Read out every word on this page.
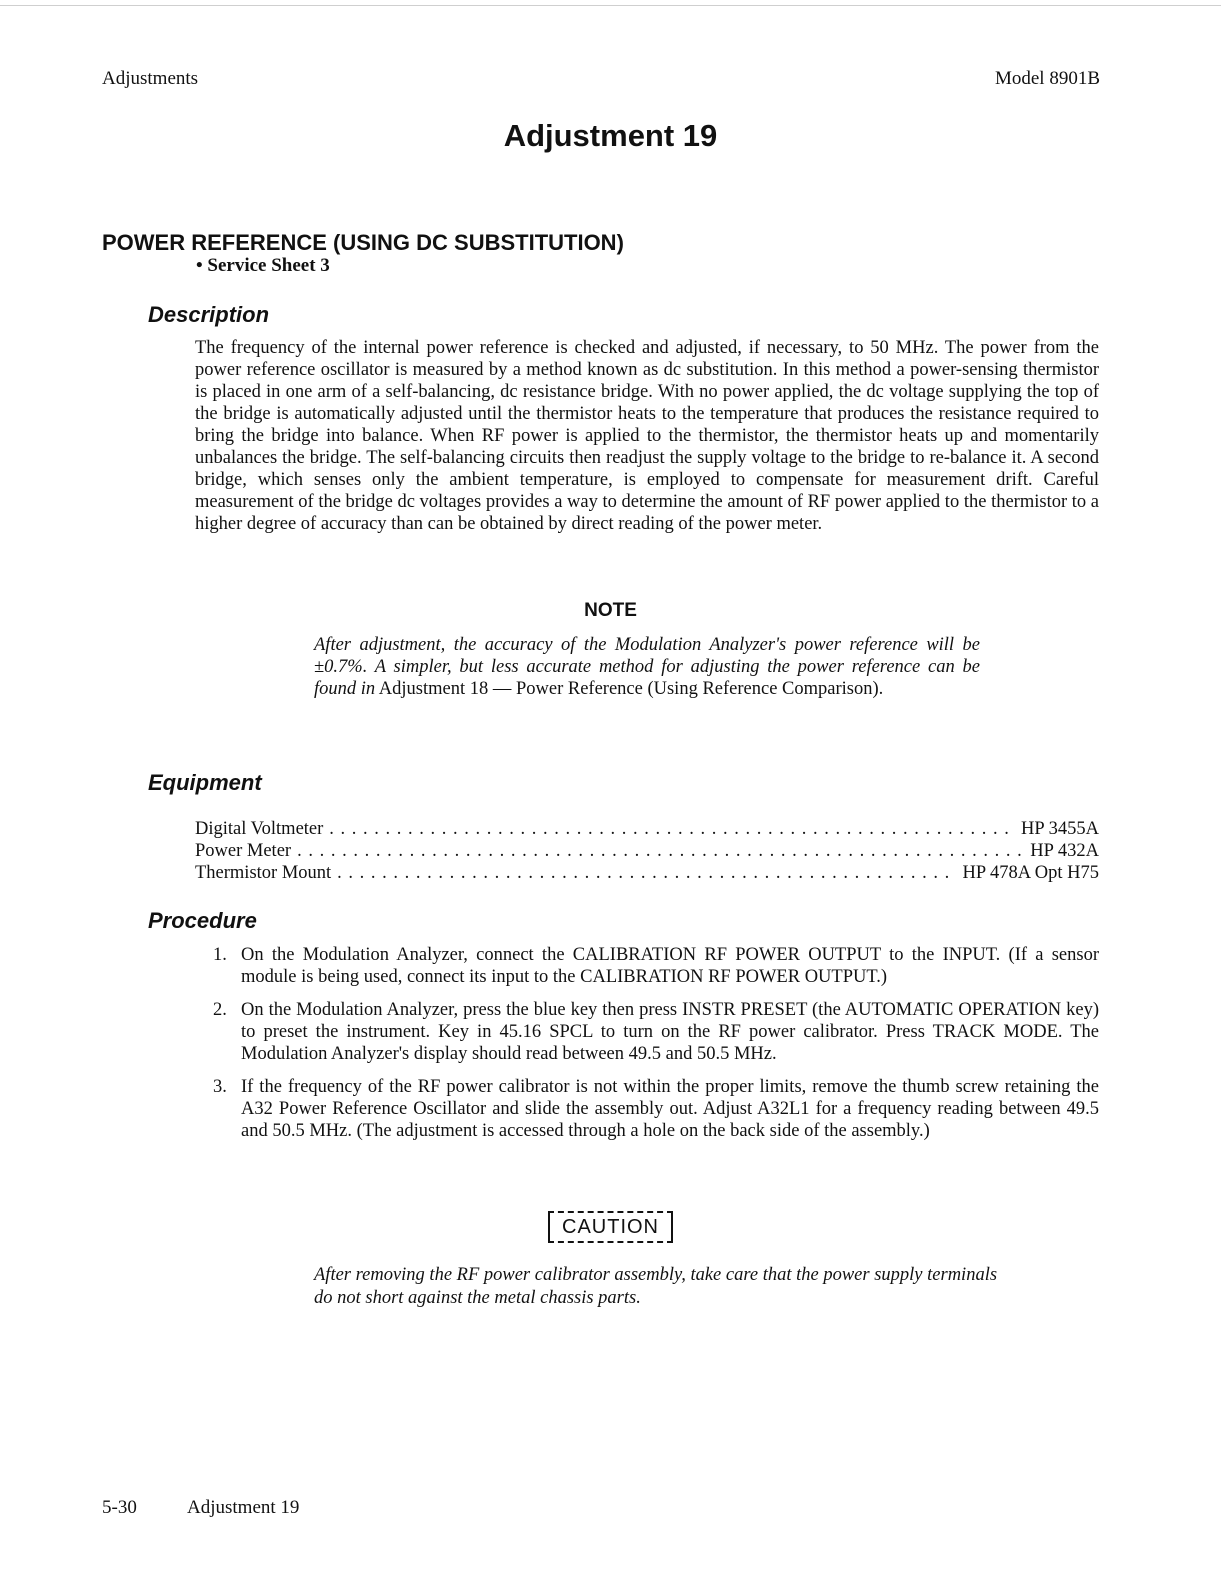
Adjustments	Model 8901B
Adjustment 19
POWER REFERENCE (USING DC SUBSTITUTION)
• Service Sheet 3
Description

The frequency of the internal power reference is checked and adjusted, if necessary, to 50 MHz. The power from the power reference oscillator is measured by a method known as dc substitution. In this method a power-sensing thermistor is placed in one arm of a self-balancing, dc resistance bridge. With no power applied, the dc voltage supplying the top of the bridge is automatically adjusted until the thermistor heats to the temperature that produces the resistance required to bring the bridge into balance. When RF power is applied to the thermistor, the thermistor heats up and momentarily unbalances the bridge. The self-balancing circuits then readjust the supply voltage to the bridge to re-balance it. A second bridge, which senses only the ambient temperature, is employed to compensate for measurement drift. Careful measurement of the bridge dc voltages provides a way to determine the amount of RF power applied to the thermistor to a higher degree of accuracy than can be obtained by direct reading of the power meter.

NOTE

After adjustment, the accuracy of the Modulation Analyzer's power reference will be ±0.7%. A simpler, but less accurate method for adjusting the power reference can be found in Adjustment 18 — Power Reference (Using Reference Comparison).

Equipment
Digital Voltmeter . . .	HP 3455A
Power Meter . . .	HP 432A
Thermistor Mount . . .	HP 478A Opt H75
Procedure
1. On the Modulation Analyzer, connect the CALIBRATION RF POWER OUTPUT to the INPUT. (If a sensor module is being used, connect its input to the CALIBRATION RF POWER OUTPUT.)
2. On the Modulation Analyzer, press the blue key then press INSTR PRESET (the AUTOMATIC OPERATION key) to preset the instrument. Key in 45.16 SPCL to turn on the RF power calibrator. Press TRACK MODE. The Modulation Analyzer's display should read between 49.5 and 50.5 MHz.
3. If the frequency of the RF power calibrator is not within the proper limits, remove the thumb screw retaining the A32 Power Reference Oscillator and slide the assembly out. Adjust A32L1 for a frequency reading between 49.5 and 50.5 MHz. (The adjustment is accessed through a hole on the back side of the assembly.)
CAUTION

After removing the RF power calibrator assembly, take care that the power supply terminals do not short against the metal chassis parts.

5-30	Adjustment 19
